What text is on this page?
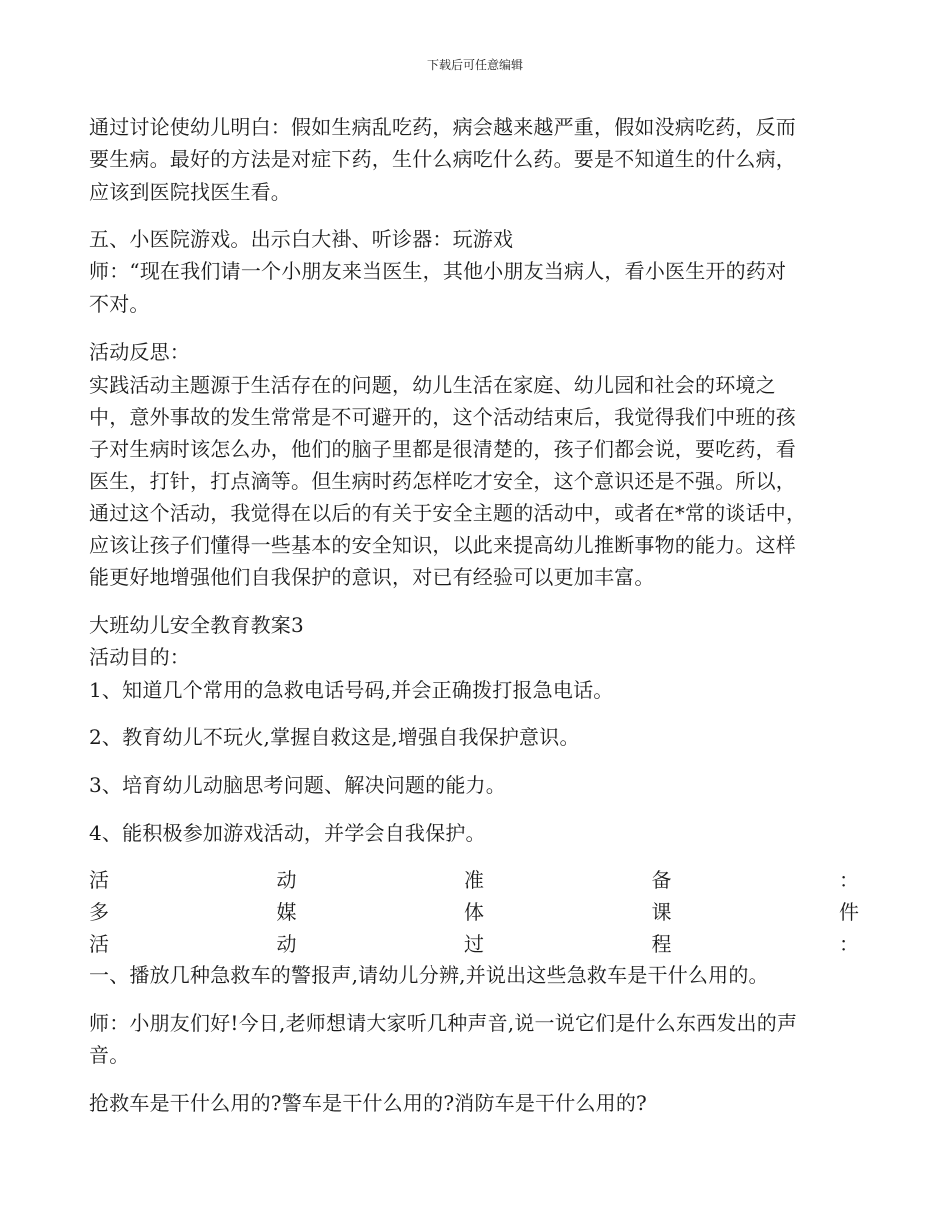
下载后可任意编辑
通过讨论使幼儿明白：假如生病乱吃药，病会越来越严重，假如没病吃药，反而
要生病。最好的方法是对症下药，生什么病吃什么药。要是不知道生的什么病，
应该到医院找医生看。
五、小医院游戏。出示白大褂、听诊器：玩游戏
师：“现在我们请一个小朋友来当医生，其他小朋友当病人，看小医生开的药对
不对。
活动反思：
实践活动主题源于生活存在的问题，幼儿生活在家庭、幼儿园和社会的环境之
中，意外事故的发生常常是不可避开的，这个活动结束后，我觉得我们中班的孩
子对生病时该怎么办，他们的脑子里都是很清楚的，孩子们都会说，要吃药，看
医生，打针，打点滴等。但生病时药怎样吃才安全，这个意识还是不强。所以，
通过这个活动，我觉得在以后的有关于安全主题的活动中，或者在*常的谈话中，
应该让孩子们懂得一些基本的安全知识，以此来提高幼儿推断事物的能力。这样
能更好地增强他们自我保护的意识，对已有经验可以更加丰富。
大班幼儿安全教育教案3
活动目的：
1、知道几个常用的急救电话号码,并会正确拨打报急电话。
2、教育幼儿不玩火,掌握自救这是,增强自我保护意识。
3、培育幼儿动脑思考问题、解决问题的能力。
4、能积极参加游戏活动，并学会自我保护。
活	动	准	备	：
多	媒	体	课	件
活	动	过	程	：
一、播放几种急救车的警报声,请幼儿分辨,并说出这些急救车是干什么用的。
师：小朋友们好!今日,老师想请大家听几种声音,说一说它们是什么东西发出的声
音。
抢救车是干什么用的?警车是干什么用的?消防车是干什么用的?
